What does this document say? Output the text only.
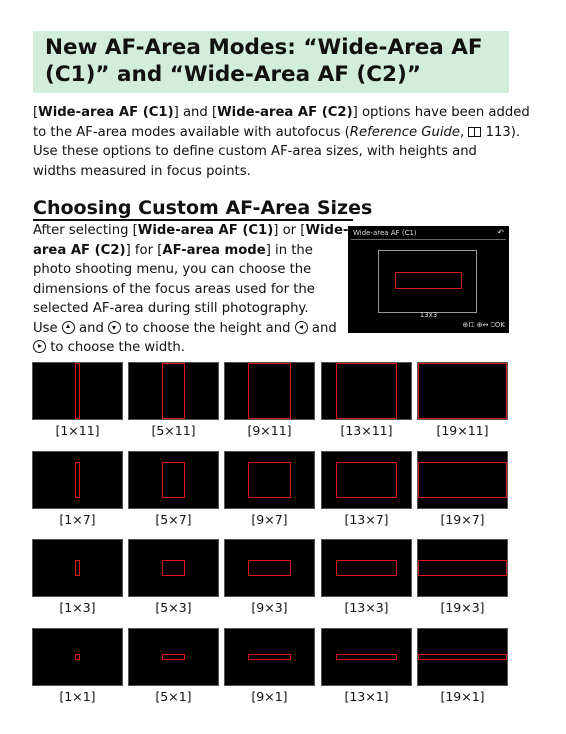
New AF-Area Modes: “Wide-Area AF
(C1)” and “Wide-Area AF (C2)”
[Wide-area AF (C1)] and [Wide-area AF (C2)] options have been added
to the AF-area modes available with autofocus (Reference Guide,
113).
Use these options to define custom AF-area sizes, with heights and
widths measured in focus points.
Choosing Custom AF-Area Sizes
After selecting [Wide-area AF (C1)] or [Wide-
area AF (C2)] for [AF-area mode] in the
photo shooting menu, you can choose the
dimensions of the focus areas used for the
selected AF-area during still photography.
Use and to choose the height and and
to choose the width.
Wide-area AF (C1)	↶
13x3
⊕I⌶ ⊕↔ ⎕OK
[1×11]	[5×11]	[9×11]	[13×11]	[19×11]
[1×7]	[5×7]	[9×7]	[13×7]	[19×7]
[1×3]	[5×3]	[9×3]	[13×3]	[19×3]
[1×1]	[5×1]	[9×1]	[13×1]	[19×1]
